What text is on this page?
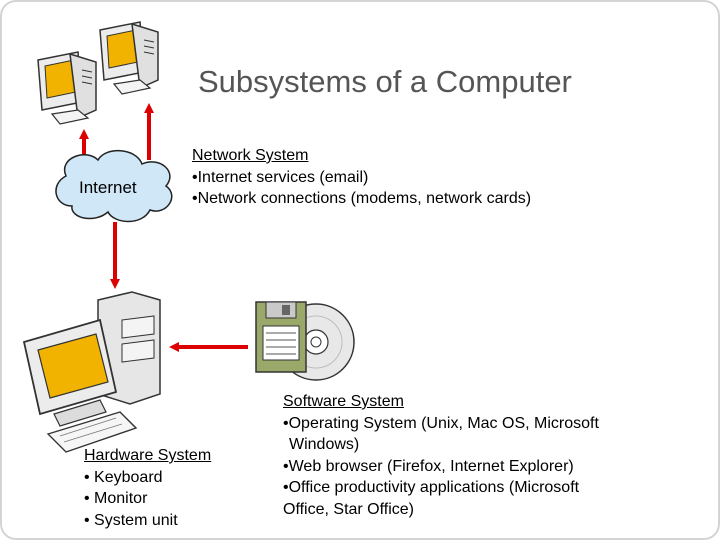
Subsystems of a Computer
Internet
Network System
•Internet services (email)
•Network connections (modems, network cards)
Hardware System
• Keyboard
• Monitor
• System unit
Software System
•Operating System (Unix, Mac OS, Microsoft
Windows)
•Web browser (Firefox, Internet Explorer)
•Office productivity applications (Microsoft
Office, Star Office)
